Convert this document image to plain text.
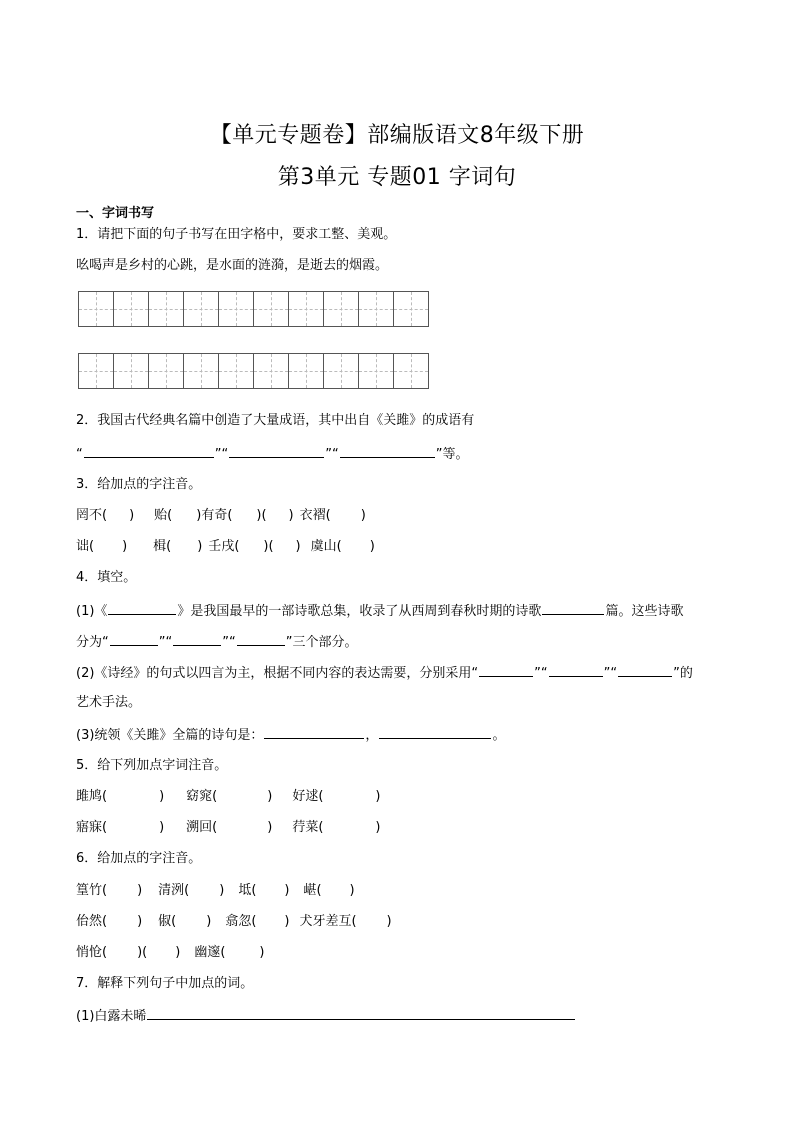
【单元专题卷】部编版语文8年级下册
第3单元 专题01 字词句
一、字词书写
1．请把下面的句子书写在田字格中，要求工整、美观。
吆喝声是乡村的心跳，是水面的涟漪，是逝去的烟霞。
2．我国古代经典名篇中创造了大量成语，其中出自《关雎》的成语有
“	”“	”“	”等。
3．给加点的字注音。
罔不( ) 贻( )有奇( )( ) 衣褶( )
诎( ) 楫( ) 壬戌( )( ) 虞山( )
4．填空。
(1)《	》是我国最早的一部诗歌总集，收录了从西周到春秋时期的诗歌	篇。这些诗歌
分为“	”“	”“	”三个部分。
(2)《诗经》的句式以四言为主，根据不同内容的表达需要，分别采用“	”“	”“	”的
艺术手法。
(3)统领《关雎》全篇的诗句是：	，	。
5．给下列加点字词注音。
雎鸠(	) 窈窕(	) 好逑(	)
寤寐(	) 溯回(	) 荇菜(	)
6．给加点的字注音。
篁竹( ) 清洌( ) 坻( ) 嵁( )
佁然( ) 俶( ) 翕忽( ) 犬牙差互( )
悄怆( )( ) 幽邃(	)
7．解释下列句子中加点的词。
(1)白露未晞
